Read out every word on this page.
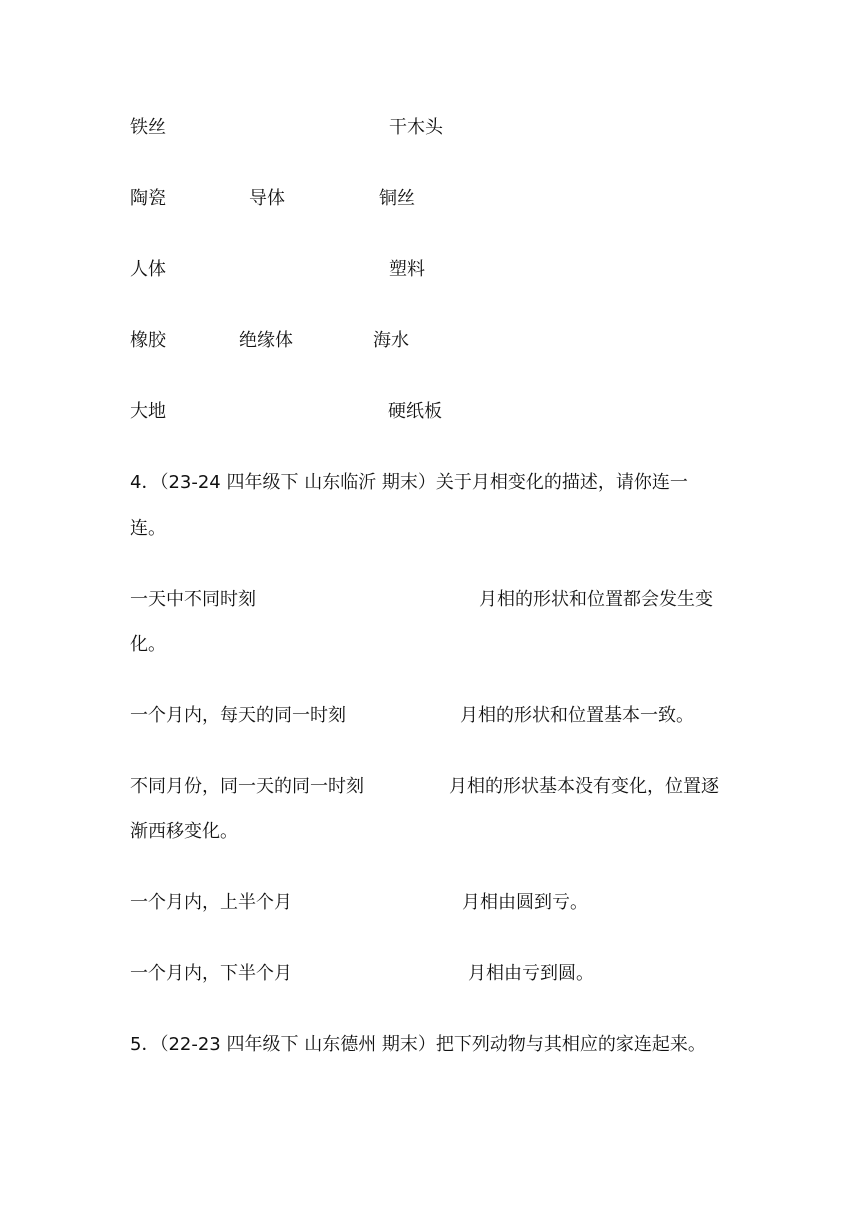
铁丝	干木头
陶瓷	导体	铜丝
人体	塑料
橡胶	绝缘体	海水
大地	硬纸板
4．（23-24 四年级下 山东临沂 期末）关于月相变化的描述，请你连一
连。
一天中不同时刻	月相的形状和位置都会发生变
化。
一个月内，每天的同一时刻	月相的形状和位置基本一致。
不同月份，同一天的同一时刻	月相的形状基本没有变化，位置逐
渐西移变化。
一个月内，上半个月	月相由圆到亏。
一个月内，下半个月	月相由亏到圆。
5．（22-23 四年级下 山东德州 期末）把下列动物与其相应的家连起来。
